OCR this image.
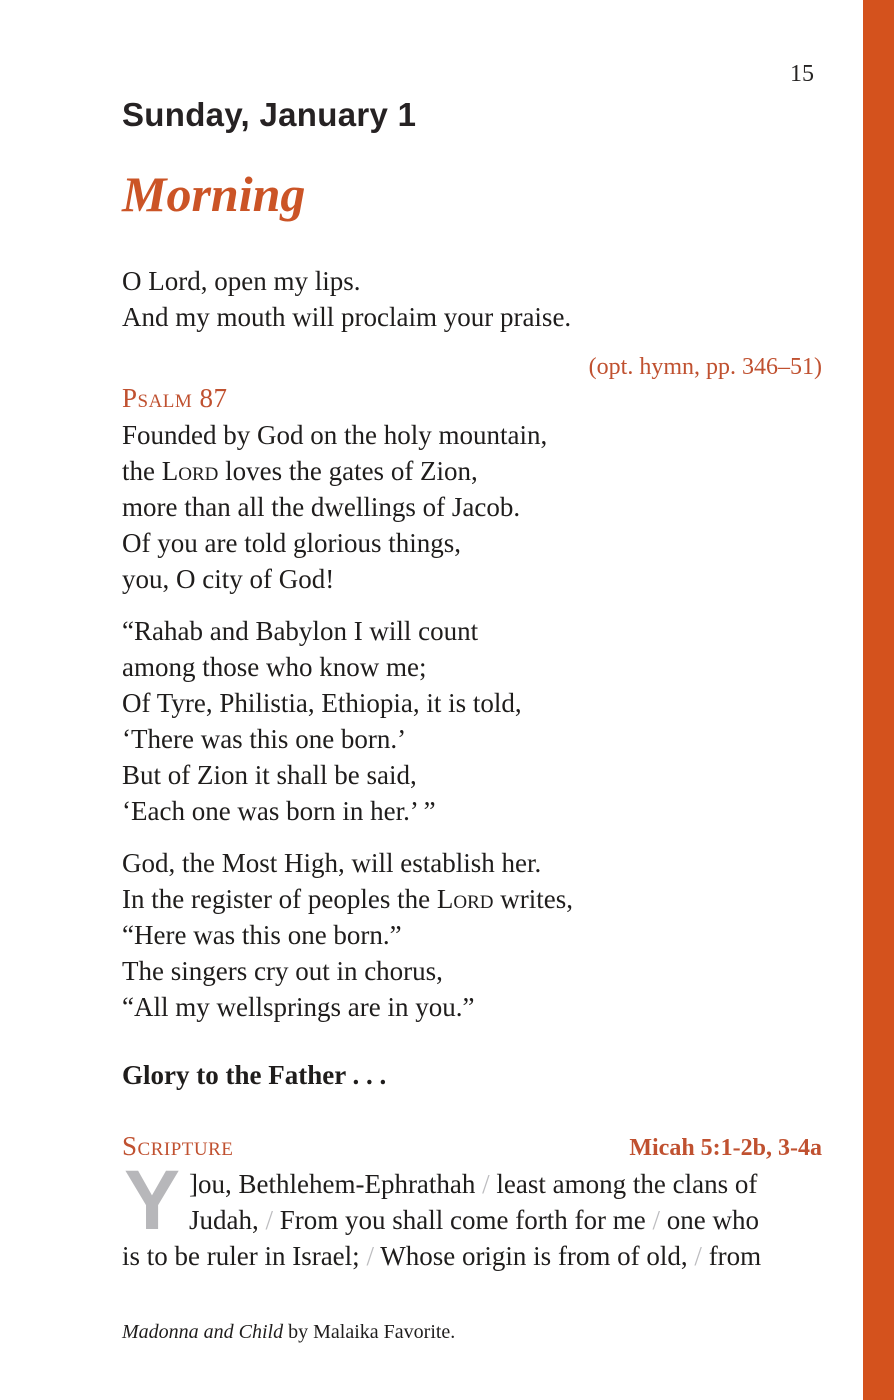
15
Sunday, January 1
Morning
O Lord, open my lips.
And my mouth will proclaim your praise.
(opt. hymn, pp. 346–51)
Psalm 87
Founded by God on the holy mountain,
the Lord loves the gates of Zion,
more than all the dwellings of Jacob.
Of you are told glorious things,
you, O city of God!
“Rahab and Babylon I will count
among those who know me;
Of Tyre, Philistia, Ethiopia, it is told,
‘There was this one born.’
But of Zion it shall be said,
‘Each one was born in her.’ ”
God, the Most High, will establish her.
In the register of peoples the Lord writes,
“Here was this one born.”
The singers cry out in chorus,
“All my wellsprings are in you.”
Glory to the Father . . .
Scripture	Micah 5:1-2b, 3-4a
Y ]ou, Bethlehem-Ephrathah / least among the clans of
Judah, / From you shall come forth for me / one who
is to be ruler in Israel; / Whose origin is from of old, / from
Madonna and Child by Malaika Favorite.
